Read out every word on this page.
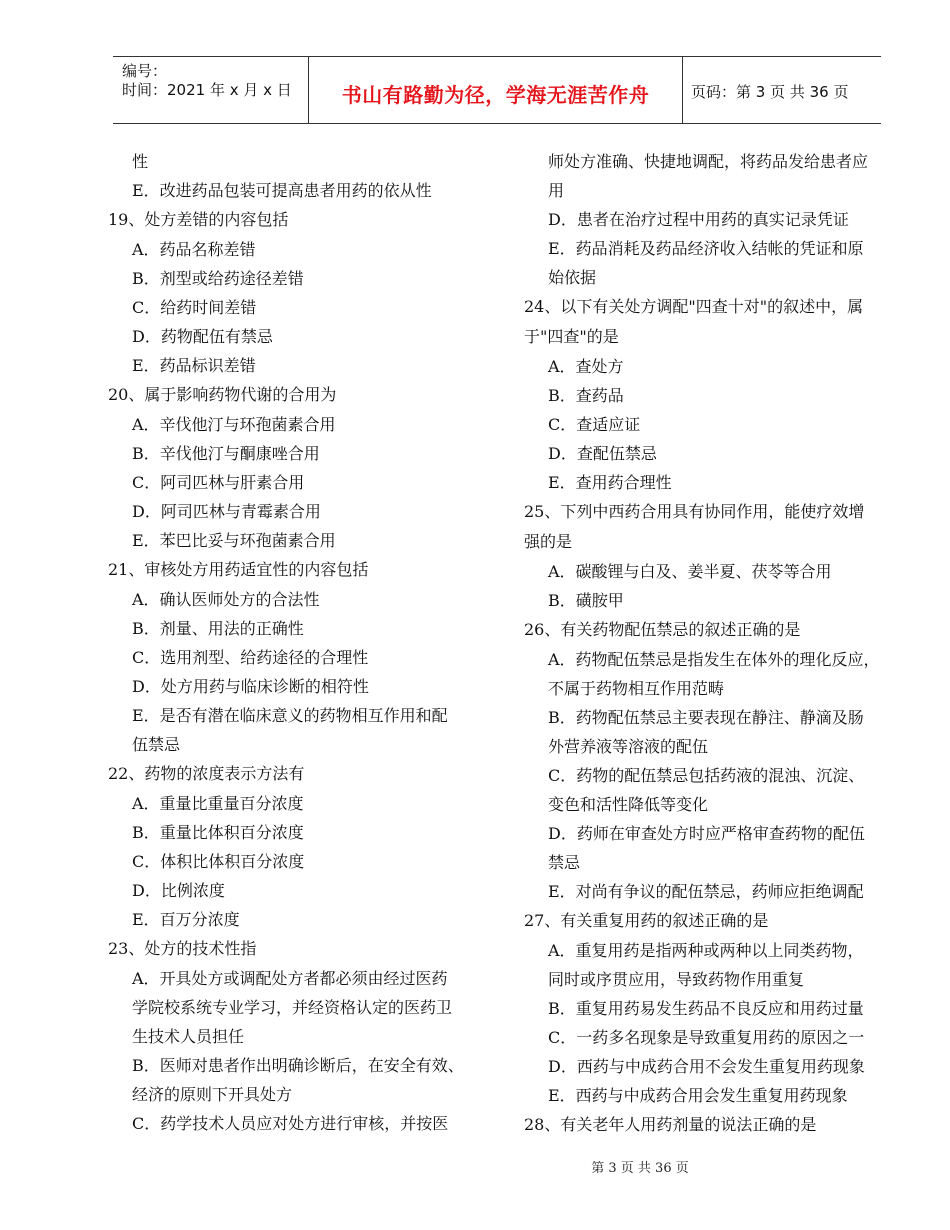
编号：
时间：2021 年 x 月 x 日	书山有路勤为径，学海无涯苦作舟	页码：第 3 页 共 36 页
性
E．改进药品包装可提高患者用药的依从性
19、处方差错的内容包括
A．药品名称差错
B．剂型或给药途径差错
C．给药时间差错
D．药物配伍有禁忌
E．药品标识差错
20、属于影响药物代谢的合用为
A．辛伐他汀与环孢菌素合用
B．辛伐他汀与酮康唑合用
C．阿司匹林与肝素合用
D．阿司匹林与青霉素合用
E．苯巴比妥与环孢菌素合用
21、审核处方用药适宜性的内容包括
A．确认医师处方的合法性
B．剂量、用法的正确性
C．选用剂型、给药途径的合理性
D．处方用药与临床诊断的相符性
E．是否有潜在临床意义的药物相互作用和配
伍禁忌
22、药物的浓度表示方法有
A．重量比重量百分浓度
B．重量比体积百分浓度
C．体积比体积百分浓度
D．比例浓度
E．百万分浓度
23、处方的技术性指
A．开具处方或调配处方者都必须由经过医药
学院校系统专业学习，并经资格认定的医药卫
生技术人员担任
B．医师对患者作出明确诊断后，在安全有效、
经济的原则下开具处方
C．药学技术人员应对处方进行审核，并按医
师处方准确、快捷地调配，将药品发给患者应
用
D．患者在治疗过程中用药的真实记录凭证
E．药品消耗及药品经济收入结帐的凭证和原
始依据
24、以下有关处方调配"四查十对"的叙述中，属
于"四查"的是
A．查处方
B．查药品
C．查适应证
D．查配伍禁忌
E．查用药合理性
25、下列中西药合用具有协同作用，能使疗效增
强的是
A．碳酸锂与白及、姜半夏、茯苓等合用
B．磺胺甲
26、有关药物配伍禁忌的叙述正确的是
A．药物配伍禁忌是指发生在体外的理化反应，
不属于药物相互作用范畴
B．药物配伍禁忌主要表现在静注、静滴及肠
外营养液等溶液的配伍
C．药物的配伍禁忌包括药液的混浊、沉淀、
变色和活性降低等变化
D．药师在审查处方时应严格审查药物的配伍
禁忌
E．对尚有争议的配伍禁忌，药师应拒绝调配
27、有关重复用药的叙述正确的是
A．重复用药是指两种或两种以上同类药物，
同时或序贯应用，导致药物作用重复
B．重复用药易发生药品不良反应和用药过量
C．一药多名现象是导致重复用药的原因之一
D．西药与中成药合用不会发生重复用药现象
E．西药与中成药合用会发生重复用药现象
28、有关老年人用药剂量的说法正确的是
第 3 页 共 36 页
